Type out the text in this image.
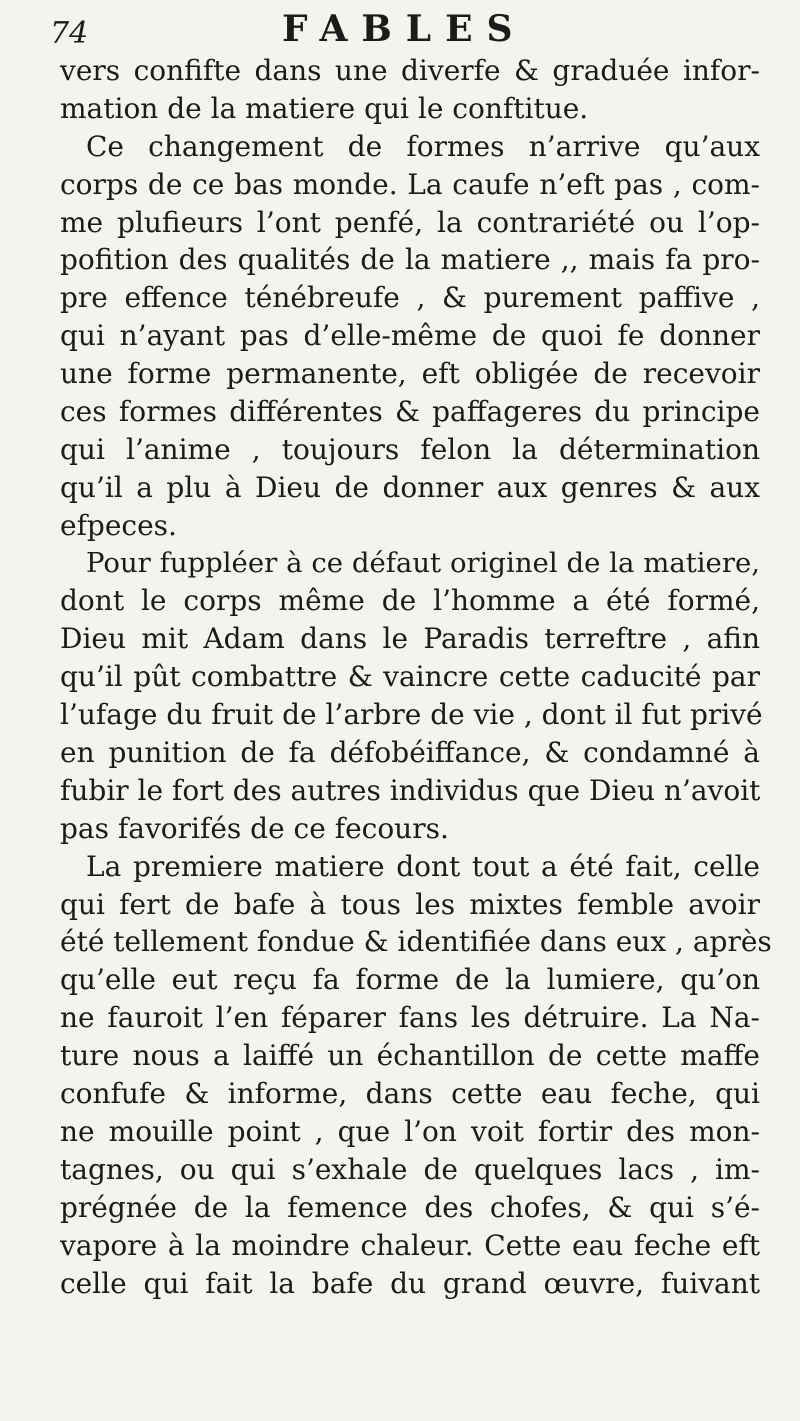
74	FABLES
vers confifte dans une diverfe & graduée infor-
mation de la matiere qui le conftitue.
Ce changement de formes n’arrive qu’aux
corps de ce bas monde. La caufe n’eft pas , com-
me plufieurs l’ont penfé, la contrariété ou l’op-
pofition des qualités de la matiere ,, mais fa pro-
pre effence ténébreufe , & purement paffive ,
qui n’ayant pas d’elle-même de quoi fe donner
une forme permanente, eft obligée de recevoir
ces formes différentes & paffageres du principe
qui l’anime , toujours felon la détermination
qu’il a plu à Dieu de donner aux genres & aux
efpeces.
Pour fuppléer à ce défaut originel de la matiere,
dont le corps même de l’homme a été formé,
Dieu mit Adam dans le Paradis terreftre , afin
qu’il pût combattre & vaincre cette caducité par
l’ufage du fruit de l’arbre de vie , dont il fut privé
en punition de fa défobéiffance, & condamné à
fubir le fort des autres individus que Dieu n’avoit
pas favorifés de ce fecours.
La premiere matiere dont tout a été fait, celle
qui fert de bafe à tous les mixtes femble avoir
été tellement fondue & identifiée dans eux , après
qu’elle eut reçu fa forme de la lumiere, qu’on
ne fauroit l’en féparer fans les détruire. La Na-
ture nous a laiffé un échantillon de cette maffe
confufe & informe, dans cette eau feche, qui
ne mouille point , que l’on voit fortir des mon-
tagnes, ou qui s’exhale de quelques lacs , im-
prégnée de la femence des chofes, & qui s’é-
vapore à la moindre chaleur. Cette eau feche eft
celle qui fait la bafe du grand œuvre, fuivant
